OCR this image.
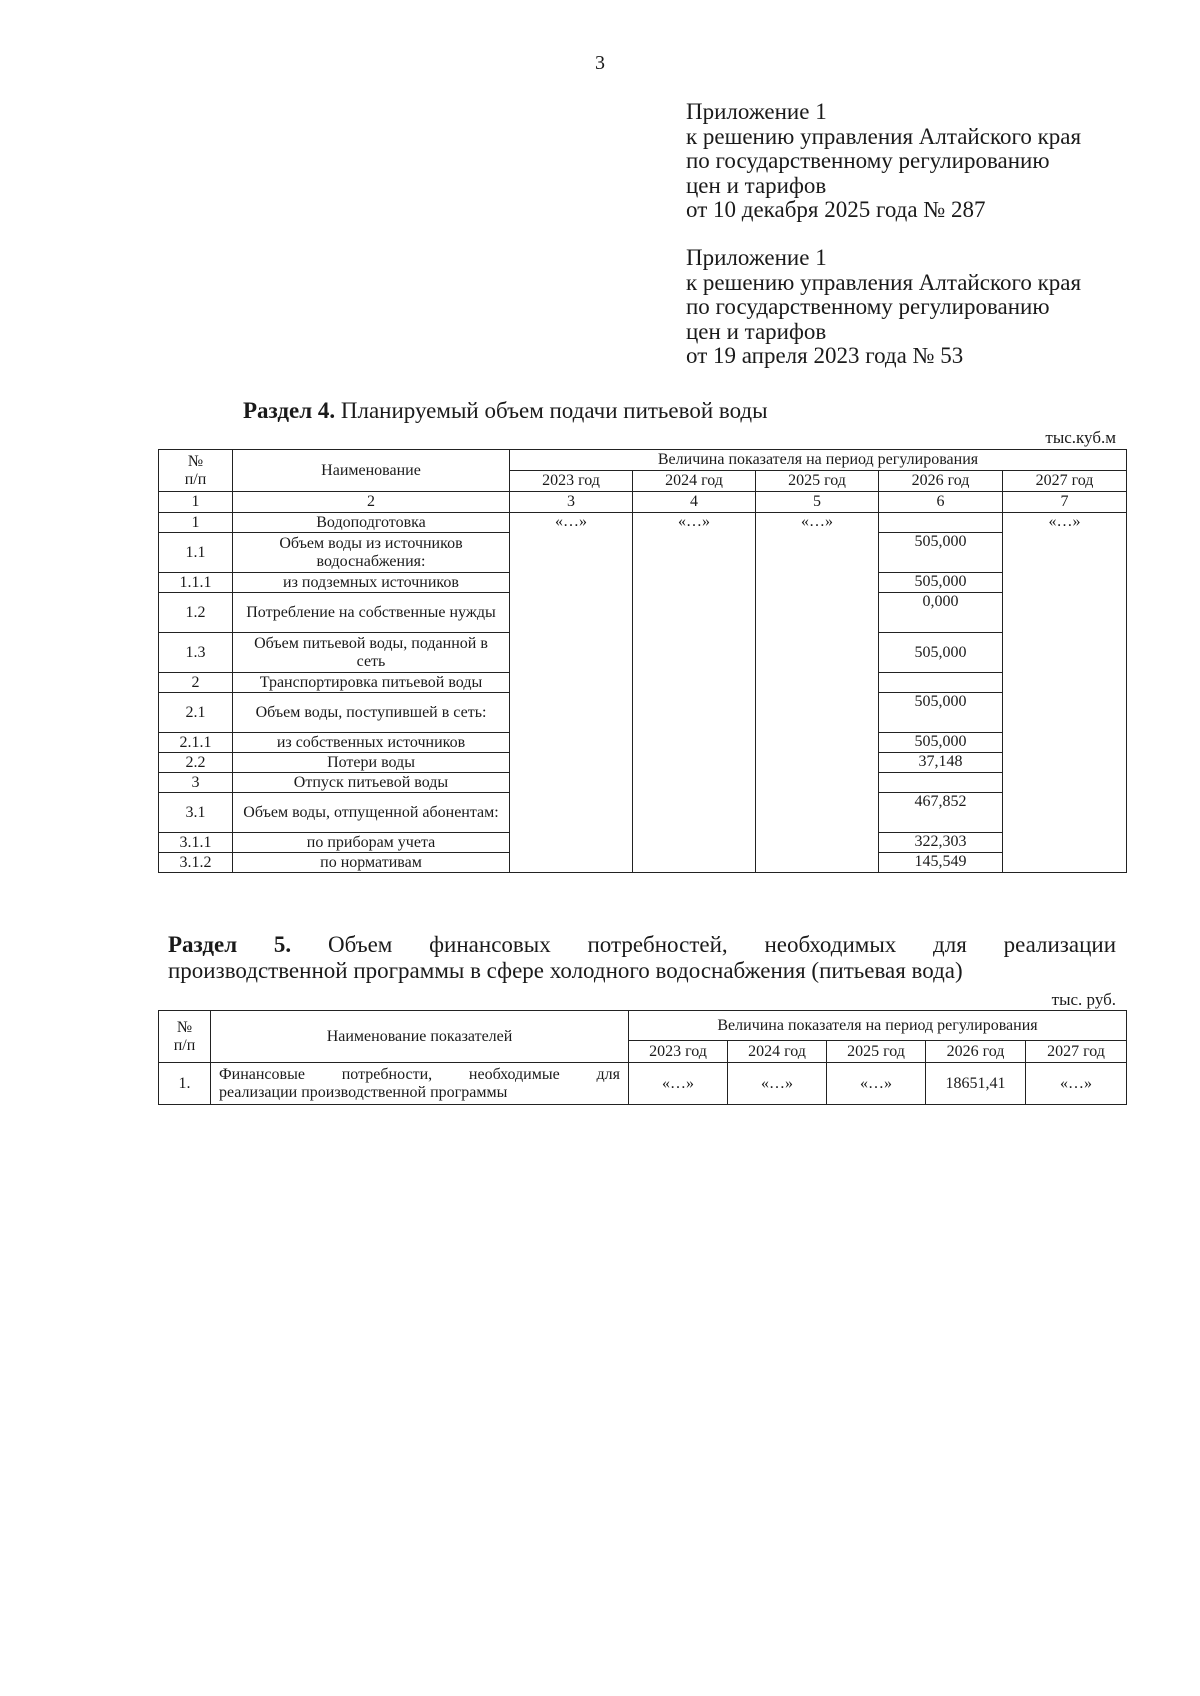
3
Приложение 1
к решению управления Алтайского края
по государственному регулированию
цен и тарифов
от 10 декабря 2025 года № 287
Приложение 1
к решению управления Алтайского края
по государственному регулированию
цен и тарифов
от 19 апреля 2023 года № 53
Раздел 4. Планируемый объем подачи питьевой воды
тыс.куб.м
№
п/п	Наименование	Величина показателя на период регулирования				
		2023 год	2024 год	2025 год	2026 год	2027 год
1	2	3	4	5	6	7
1	Водоподготовка	«…»	«…»	«…»		«…»
1.1	Объем воды из источников водоснабжения:				505,000	
1.1.1	из подземных источников				505,000	
1.2	Потребление на собственные нужды				0,000	
1.3	Объем питьевой воды, поданной в сеть				505,000	
2	Транспортировка питьевой воды					
2.1	Объем воды, поступившей в сеть:				505,000	
2.1.1	из собственных источников				505,000	
2.2	Потери воды				37,148	
3	Отпуск питьевой воды					
3.1	Объем воды, отпущенной абонентам:				467,852	
3.1.1	по приборам учета				322,303	
3.1.2	по нормативам				145,549	
Раздел 5. Объем финансовых потребностей, необходимых для реализации
производственной программы в сфере холодного водоснабжения (питьевая вода)
тыс. руб.
№
п/п	Наименование показателей	Величина показателя на период регулирования				
		2023 год	2024 год	2025 год	2026 год	2027 год
1.	Финансовые потребности, необходимые для
реализации производственной программы	«…»	«…»	«…»	18651,41	«…»
